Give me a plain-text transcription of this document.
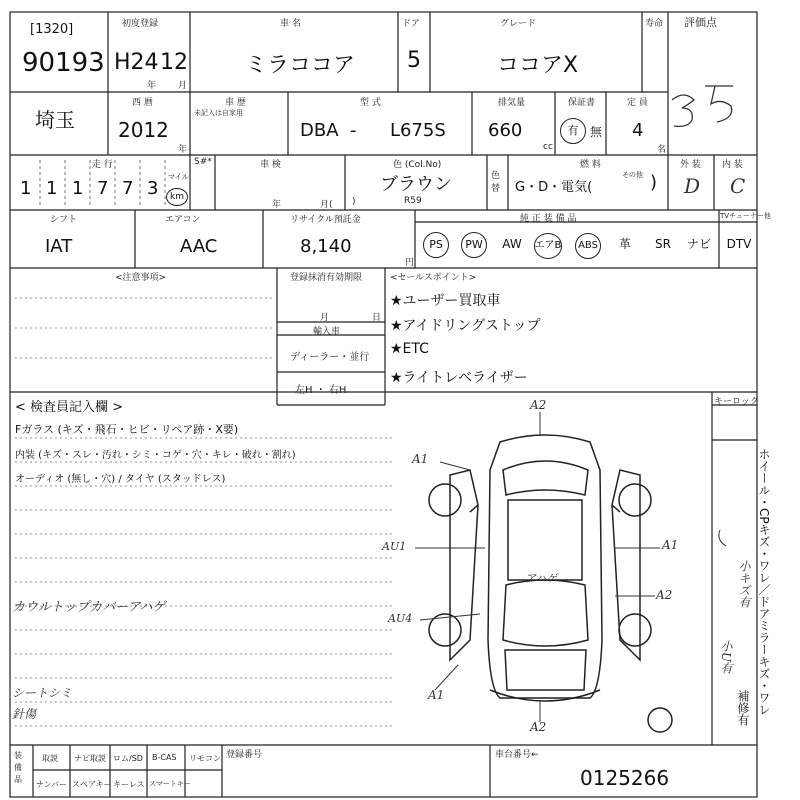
[1320]
90193
初度登録
H24 12
年 月
車 名
ミラココア
ドア
5
グレード
ココアX
寿命 評価点
3.5
埼玉
西 暦
2012
年
車 歴
未記入は自家用
型 式
DBA - L675S
排気量
660
cc
保証書
有 無
定 員
4
名
走 行
1 1 1 7 7 3
マイル
km
S#*	車 検
年	月( )
色 (Col.No)
ブラウン
R59
色替
燃 料
G・D・電気(
その他 )
外 装 内 装
D C
シフト
IAT
エアコン
AAC
リサイクル預託金
8,140
円
純 正 装 備 品	TVチューナー他
PS	PW	AW	エアB	ABS	革	SR	ナビ	DTV
<注意事項>	登録抹消有効期限
月	日
輸入車
ディーラー・並行
左H ・ 右H
<セールスポイント>
★ユーザー買取車
★アイドリングストップ
★ETC
★ライトレベライザー
< 検査員記入欄 >
Fガラス (キズ・飛石・ヒビ・リペア跡・X要)
内装 (キズ・スレ・汚れ・シミ・コゲ・穴・キレ・破れ・割れ)
オーディオ (無し・穴) / タイヤ (スタッドレス)
カウルトップカバーアハゲ
シートシミ
針傷
A2
A1
AU1	A1
A2
AU4
A1
A2
アハゲ
キーロック
ホイール・CPキズ・ワレ／ドアミラーキズ・ワレ
小キズ有
小U有
補修有
装備品
取説 ナビ取説 ロム/SD B-CAS リモコン
ナンバー スペアキー キーレス スマートキー
登録番号	車台番号←
0125266
